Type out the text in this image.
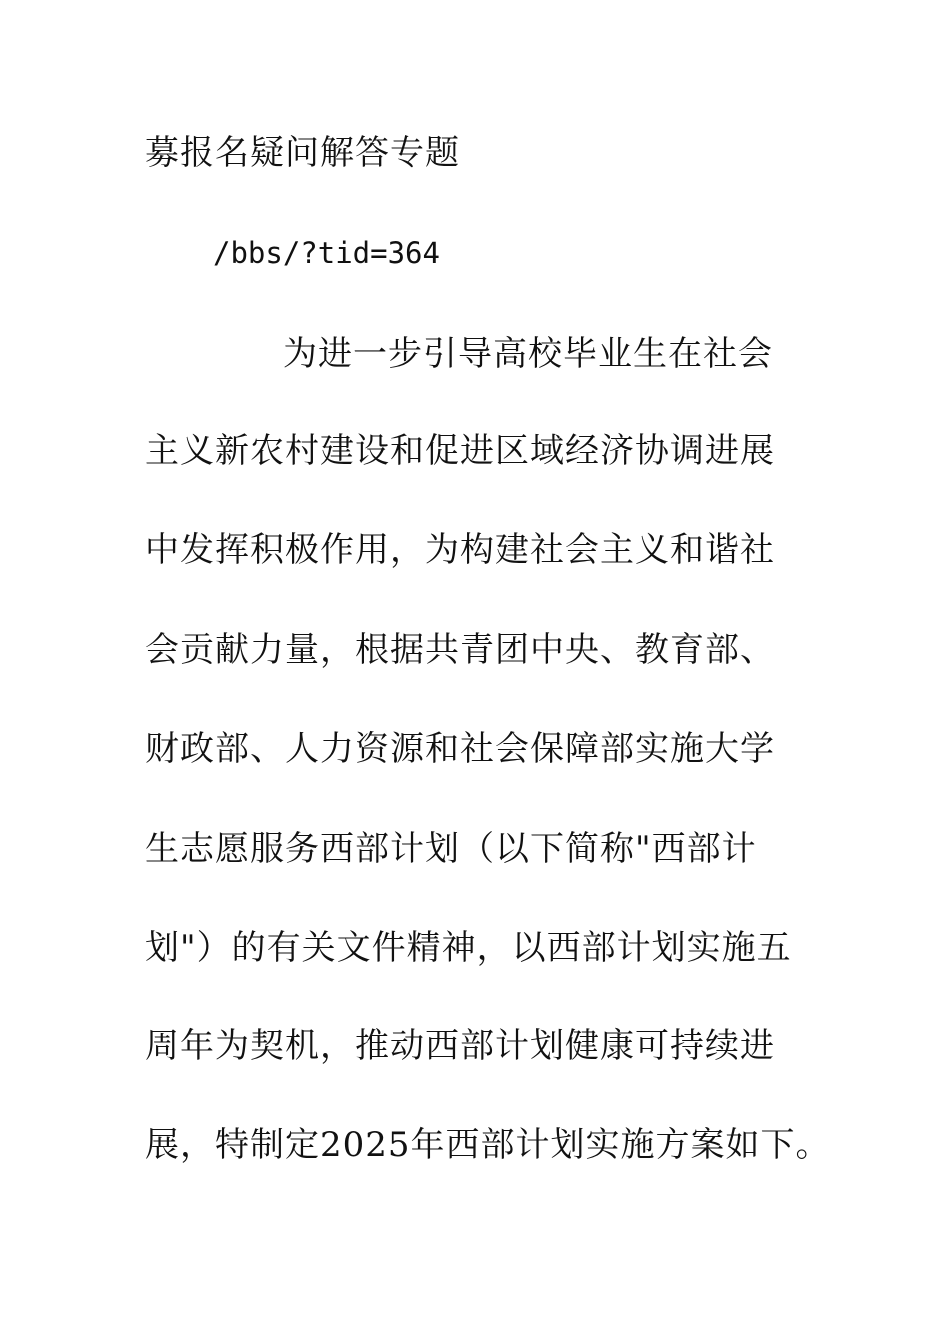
募报名疑问解答专题
/bbs/?tid=364
为进一步引导高校毕业生在社会
主义新农村建设和促进区域经济协调进展
中发挥积极作用，为构建社会主义和谐社
会贡献力量，根据共青团中央、教育部、
财政部、人力资源和社会保障部实施大学
生志愿服务西部计划（以下简称"西部计
划"）的有关文件精神，以西部计划实施五
周年为契机，推动西部计划健康可持续进
展，特制定2025年西部计划实施方案如下。
